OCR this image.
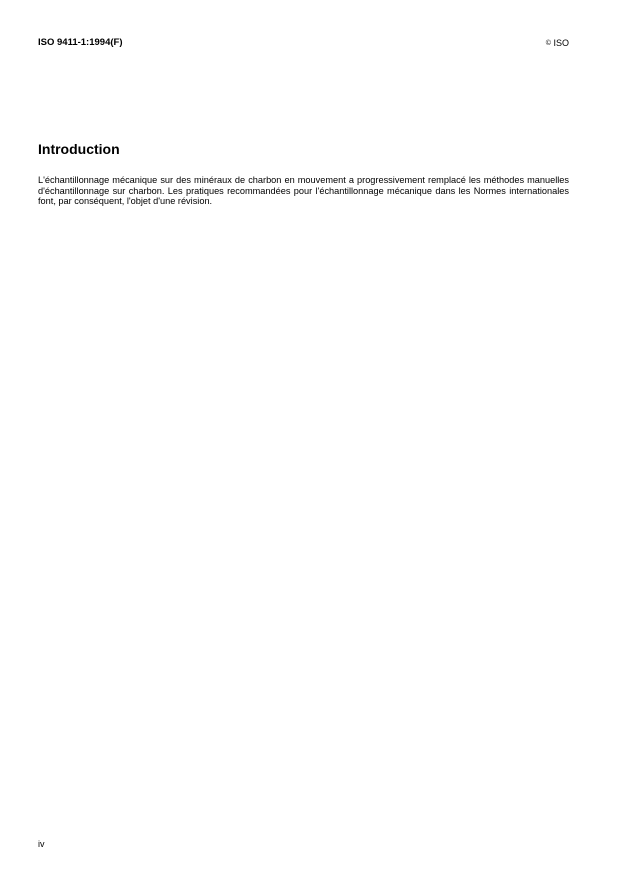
ISO 9411-1:1994(F)	© ISO
Introduction

L'échantillonnage mécanique sur des minéraux de charbon en mouvement a progressivement remplacé les méthodes manuelles d'échantillonnage sur charbon. Les pratiques recommandées pour l'échantillonnage mécanique dans les Normes internationales font, par conséquent, l'objet d'une révision.

iv
